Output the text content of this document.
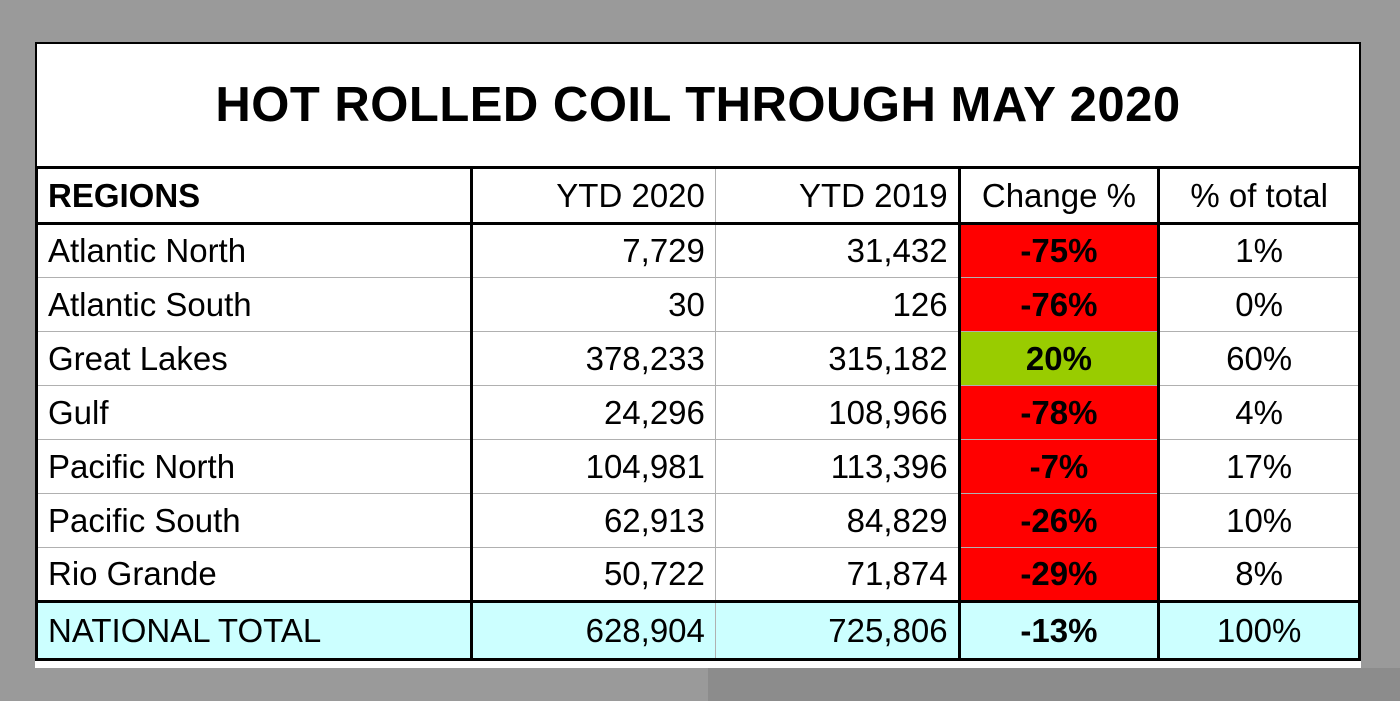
HOT ROLLED COIL THROUGH MAY 2020
REGIONS	YTD 2020	YTD 2019	Change %	% of total
Atlantic North	7,729	31,432	-75%	1%
Atlantic South	30	126	-76%	0%
Great Lakes	378,233	315,182	20%	60%
Gulf	24,296	108,966	-78%	4%
Pacific North	104,981	113,396	-7%	17%
Pacific South	62,913	84,829	-26%	10%
Rio Grande	50,722	71,874	-29%	8%
NATIONAL TOTAL	628,904	725,806	-13%	100%
